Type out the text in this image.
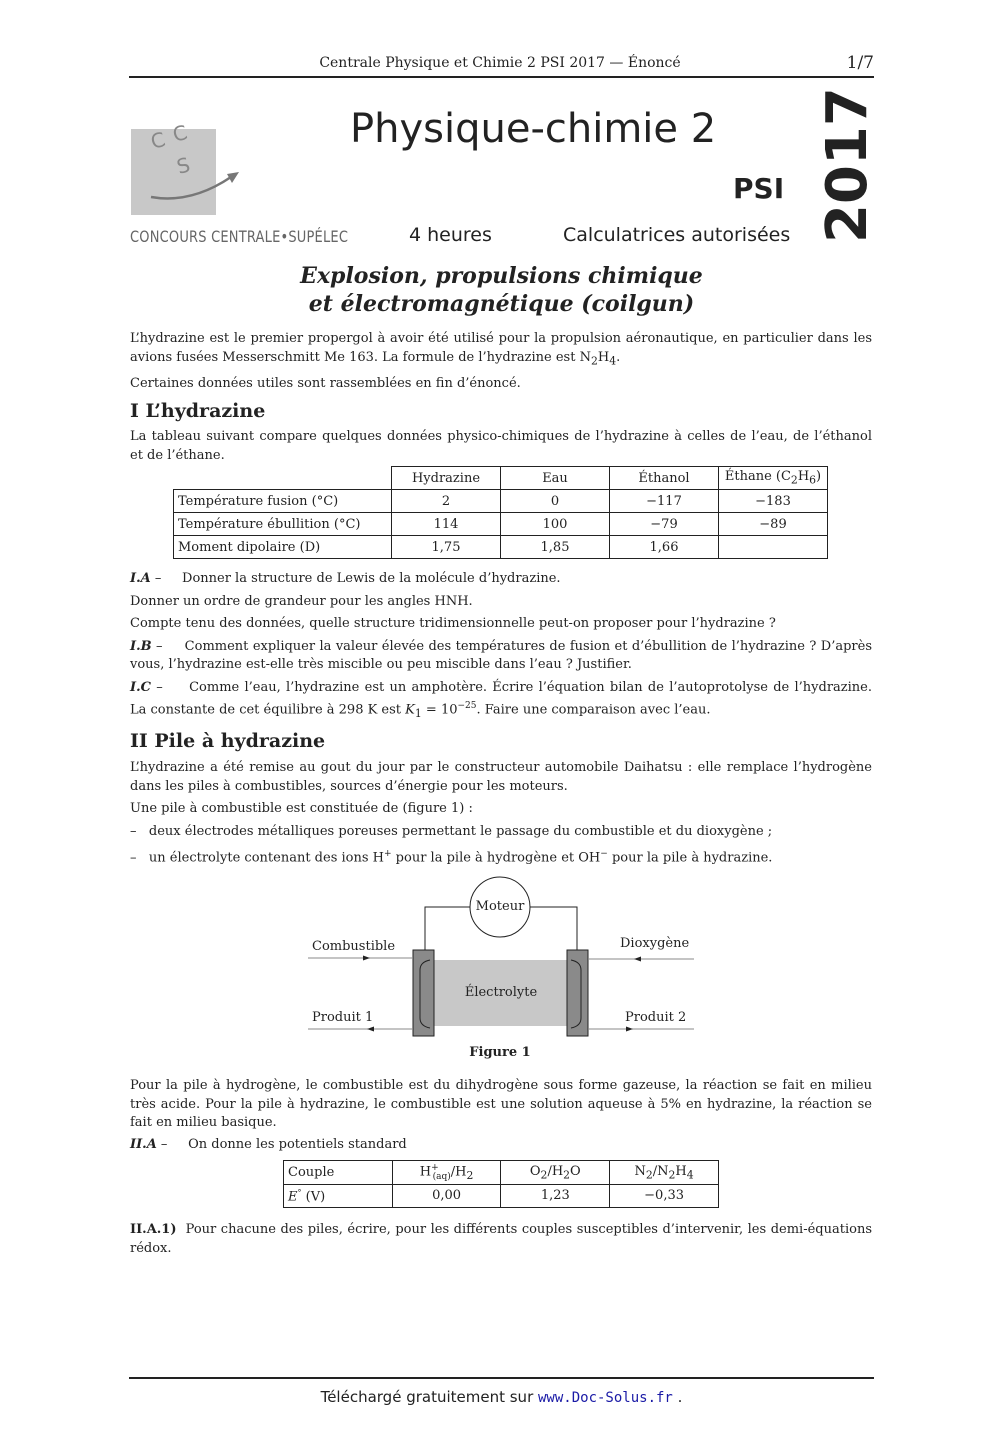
Centrale Physique et Chimie 2 PSI 2017 — Énoncé	1/7
C C
S
CONCOURS CENTRALE•SUPÉLEC
Physique-chimie 2
PSI
4 heures	Calculatrices autorisées 2017
Explosion, propulsions chimique
et électromagnétique (coilgun)

L’hydrazine est le premier propergol à avoir été utilisé pour la propulsion aéronautique, en particulier dans les avions fusées Messerschmitt Me 163. La formule de l’hydrazine est $N_2H_4$.

Certaines données utiles sont rassemblées en fin d’énoncé.

I L’hydrazine
La tableau suivant compare quelques données physico-chimiques de l’hydrazine à celles de l’eau, de l’éthanol et de l’éthane.
	Hydrazine	Eau	Éthanol	Éthane $(C_2H_6)$
Température fusion (°C)	2	0	−117	−183
Température ébullition (°C)	114	100	−79	−89
Moment dipolaire (D)	1,75	1,85	1,66	

I.A – Donner la structure de Lewis de la molécule d’hydrazine.

Donner un ordre de grandeur pour les angles HNH.

Compte tenu des données, quelle structure tridimensionnelle peut-on proposer pour l’hydrazine ?

I.B – Comment expliquer la valeur élevée des températures de fusion et d’ébullition de l’hydrazine ? D’après vous, l’hydrazine est-elle très miscible ou peu miscible dans l’eau ? Justifier.

I.C – Comme l’eau, l’hydrazine est un amphotère. Écrire l’équation bilan de l’autoprotolyse de l’hydrazine. La constante de cet équilibre à 298 K est $K_1 = 10^{-25}$. Faire une comparaison avec l’eau.

II Pile à hydrazine

L’hydrazine a été remise au gout du jour par le constructeur automobile Daihatsu : elle remplace l’hydrogène dans les piles à combustibles, sources d’énergie pour les moteurs.

Une pile à combustible est constituée de (figure 1) :

– deux électrodes métalliques poreuses permettant le passage du combustible et du dioxygène ;

– un électrolyte contenant des ions H+ pour la pile à hydrogène et OH− pour la pile à hydrazine.

Moteur
Combustible	Dioxygène
Électrolyte
Produit 1	Produit 2
Figure 1
Pour la pile à hydrogène, le combustible est du dihydrogène sous forme gazeuse, la réaction se fait en milieu très acide. Pour la pile à hydrazine, le combustible est une solution aqueuse à 5% en hydrazine, la réaction se fait en milieu basique.
II.A – On donne les potentiels standard
Couple	$H^+_{(aq)}/H_2$	$O_2/H_2O$	$N_2/N_2H_4$
E° (V)	0,00	1,23	−0,33
II.A.1) Pour chacune des piles, écrire, pour les différents couples susceptibles d’intervenir, les demi-équations rédox.
Téléchargé gratuitement sur www.Doc-Solus.fr .
